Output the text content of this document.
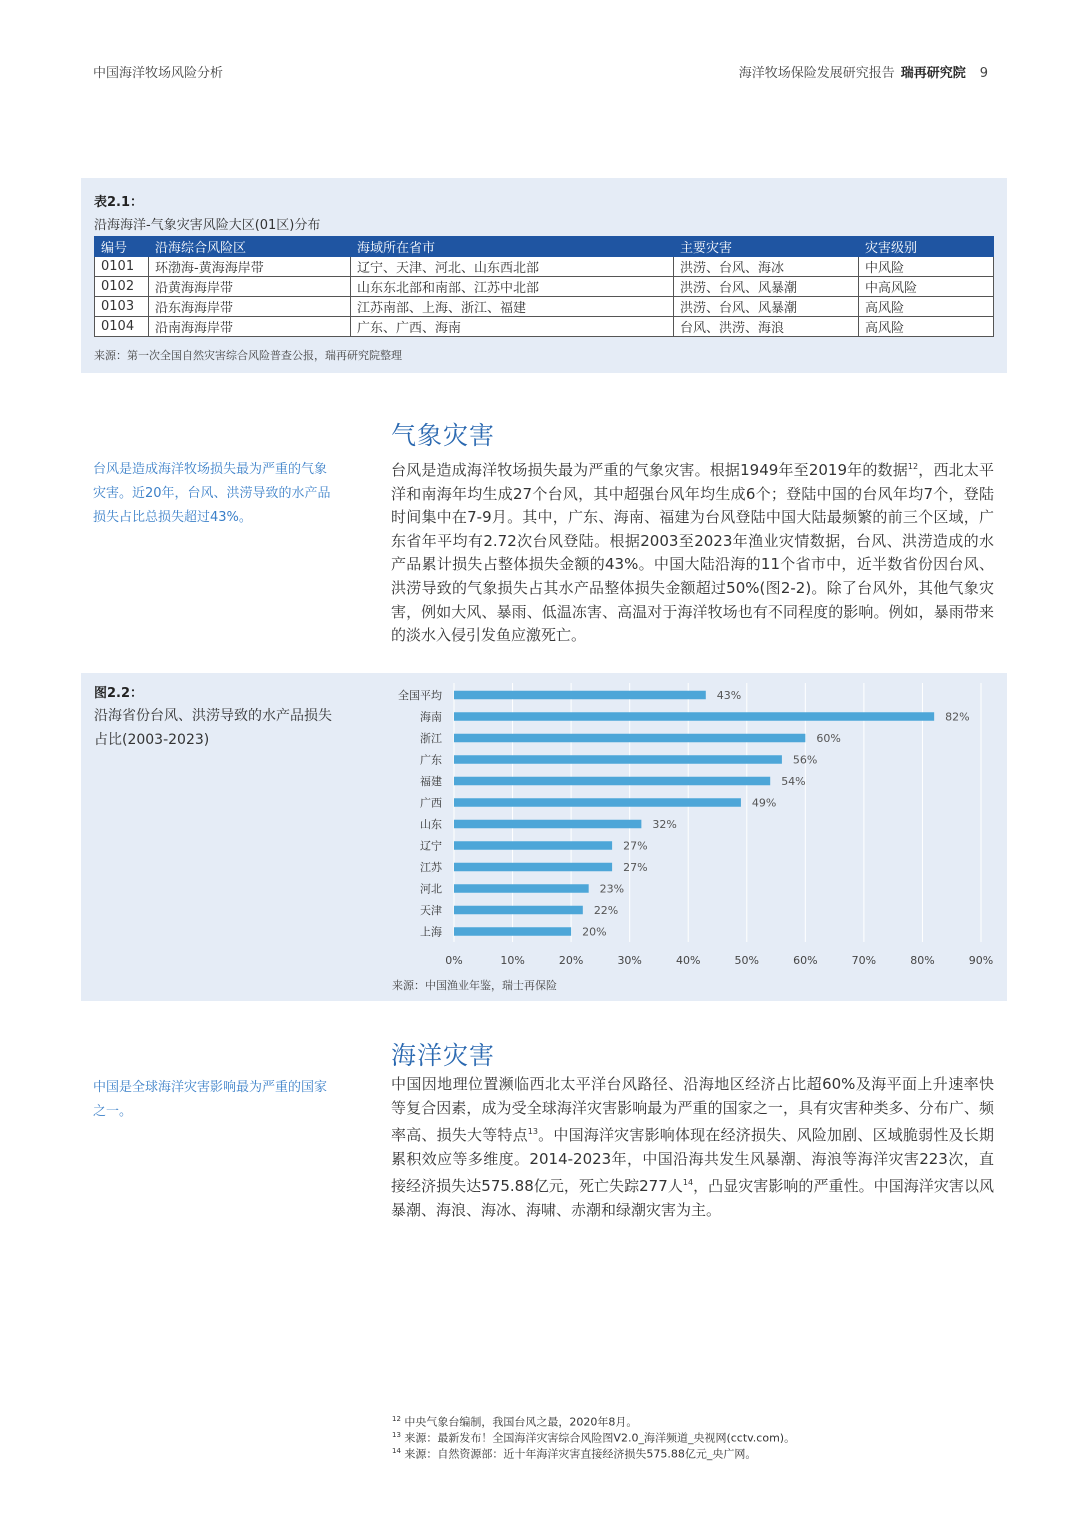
中国海洋牧场风险分析	海洋牧场保险发展研究报告 瑞再研究院 9
表2.1：
沿海海洋-气象灾害风险大区(01区)分布
编号	沿海综合风险区	海域所在省市	主要灾害	灾害级别
0101	环渤海-黄海海岸带	辽宁、天津、河北、山东西北部	洪涝、台风、海冰	中风险
0102	沿黄海海岸带	山东东北部和南部、江苏中北部	洪涝、台风、风暴潮	中高风险
0103	沿东海海岸带	江苏南部、上海、浙江、福建	洪涝、台风、风暴潮	高风险
0104	沿南海海岸带	广东、广西、海南	台风、洪涝、海浪	高风险
来源：第一次全国自然灾害综合风险普查公报，瑞再研究院整理
气象灾害
台风是造成海洋牧场损失最为严重的气象灾害。近20年，台风、洪涝导致的水产品损失占比总损失超过43%。
台风是造成海洋牧场损失最为严重的气象灾害。根据1949年至2019年的数据$^{12}$，西北太平洋和南海年均生成27个台风，其中超强台风年均生成6个；登陆中国的台风年均7个，登陆时间集中在7-9月。其中，广东、海南、福建为台风登陆中国大陆最频繁的前三个区域，广东省年平均有2.72次台风登陆。根据2003至2023年渔业灾情数据，台风、洪涝造成的水产品累计损失占整体损失金额的43%。中国大陆沿海的11个省市中，近半数省份因台风、洪涝导致的气象损失占其水产品整体损失金额超过50%(图2-2)。除了台风外，其他气象灾害，例如大风、暴雨、低温冻害、高温对于海洋牧场也有不同程度的影响。例如，暴雨带来的淡水入侵引发鱼应激死亡。
图2.2：
沿海省份台风、洪涝导致的水产品损失占比(2003-2023)
0%	10%	20%	30%	40%	50%	60%	70%	80%	90%
全国平均	43%
海南	82%
浙江	60%
广东	56%
福建	54%
广西	49%
山东	32%
辽宁	27%
江苏	27%
河北	23%
天津	22%
上海	20%
来源：中国渔业年鉴，瑞士再保险
海洋灾害
中国是全球海洋灾害影响最为严重的国家之一。
中国因地理位置濒临西北太平洋台风路径、沿海地区经济占比超60%及海平面上升速率快等复合因素，成为受全球海洋灾害影响最为严重的国家之一，具有灾害种类多、分布广、频率高、损失大等特点$^{13}$。中国海洋灾害影响体现在经济损失、风险加剧、区域脆弱性及长期累积效应等多维度。2014-2023年，中国沿海共发生风暴潮、海浪等海洋灾害223次，直接经济损失达575.88亿元，死亡失踪277人$^{14}$，凸显灾害影响的严重性。中国海洋灾害以风暴潮、海浪、海冰、海啸、赤潮和绿潮灾害为主。
$^{12}$ 中央气象台编制，我国台风之最，2020年8月。
$^{13}$ 来源：最新发布！全国海洋灾害综合风险图V2.0_海洋频道_央视网(cctv.com)。
$^{14}$ 来源：自然资源部：近十年海洋灾害直接经济损失575.88亿元_央广网。
